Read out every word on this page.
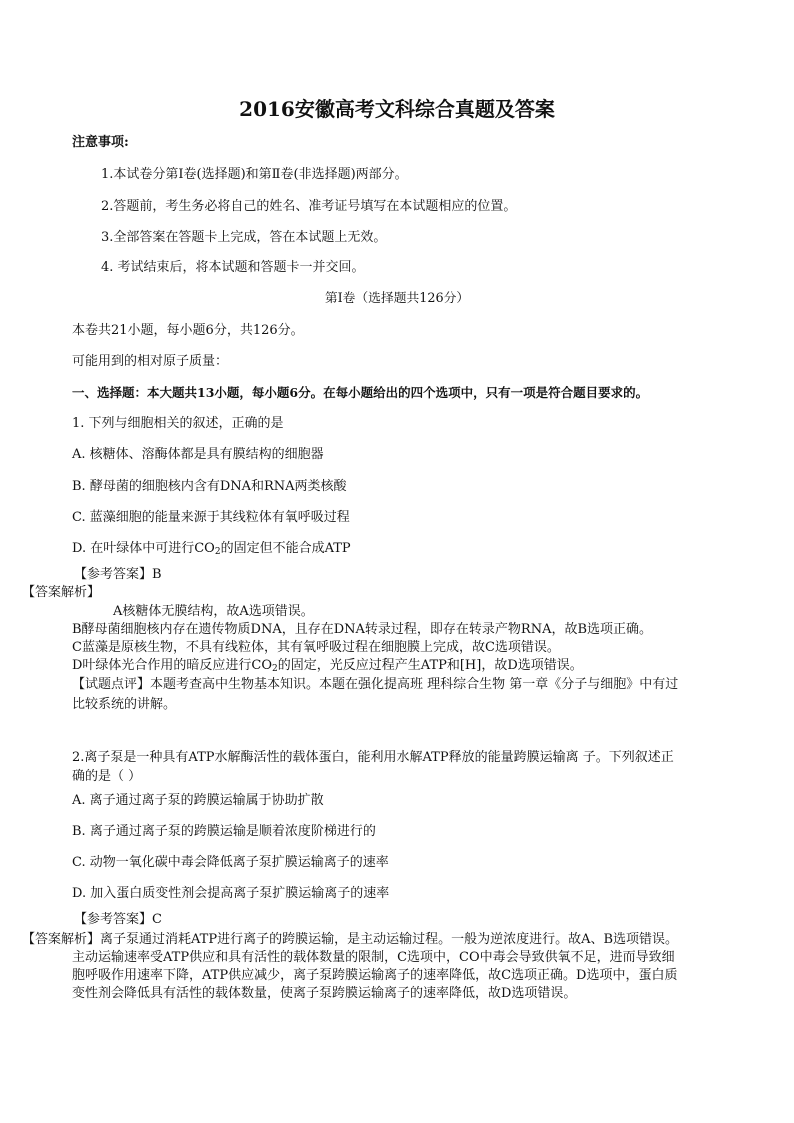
2016安徽高考文科综合真题及答案
注意事项:
1.本试卷分第Ⅰ卷(选择题)和第Ⅱ卷(非选择题)两部分。
2.答题前，考生务必将自己的姓名、准考证号填写在本试题相应的位置。
3.全部答案在答题卡上完成，答在本试题上无效。
4. 考试结束后，将本试题和答题卡一并交回。
第Ⅰ卷（选择题共126分）
本卷共21小题，每小题6分，共126分。
可能用到的相对原子质量：
一、选择题：本大题共13小题，每小题6分。在每小题给出的四个选项中，只有一项是符合题目要求的。
1. 下列与细胞相关的叙述，正确的是
A. 核糖体、溶酶体都是具有膜结构的细胞器
B. 酵母菌的细胞核内含有DNA和RNA两类核酸
C. 蓝藻细胞的能量来源于其线粒体有氧呼吸过程
D. 在叶绿体中可进行$CO_2$的固定但不能合成ATP
【参考答案】B
【答案解析】
A核糖体无膜结构，故A选项错误。
B酵母菌细胞核内存在遗传物质DNA，且存在DNA转录过程，即存在转录产物RNA，故B选项正确。
C蓝藻是原核生物，不具有线粒体，其有氧呼吸过程在细胞膜上完成，故C选项错误。
D叶绿体光合作用的暗反应进行$CO_2$的固定，光反应过程产生ATP和[H]，故D选项错误。
【试题点评】本题考查高中生物基本知识。本题在强化提高班 理科综合生物 第一章《分子与细胞》中有过
比较系统的讲解。
2.离子泵是一种具有ATP水解酶活性的载体蛋白，能利用水解ATP释放的能量跨膜运输离 子。下列叙述正
确的是（ ）
A. 离子通过离子泵的跨膜运输属于协助扩散
B. 离子通过离子泵的跨膜运输是顺着浓度阶梯进行的
C. 动物一氧化碳中毒会降低离子泵扩膜运输离子的速率
D. 加入蛋白质变性剂会提高离子泵扩膜运输离子的速率
【参考答案】C
【答案解析】离子泵通过消耗ATP进行离子的跨膜运输，是主动运输过程。一般为逆浓度进行。故A、B选项错误。
主动运输速率受ATP供应和具有活性的载体数量的限制，C选项中，CO中毒会导致供氧不足，进而导致细
胞呼吸作用速率下降，ATP供应减少，离子泵跨膜运输离子的速率降低，故C选项正确。D选项中，蛋白质
变性剂会降低具有活性的载体数量，使离子泵跨膜运输离子的速率降低，故D选项错误。
